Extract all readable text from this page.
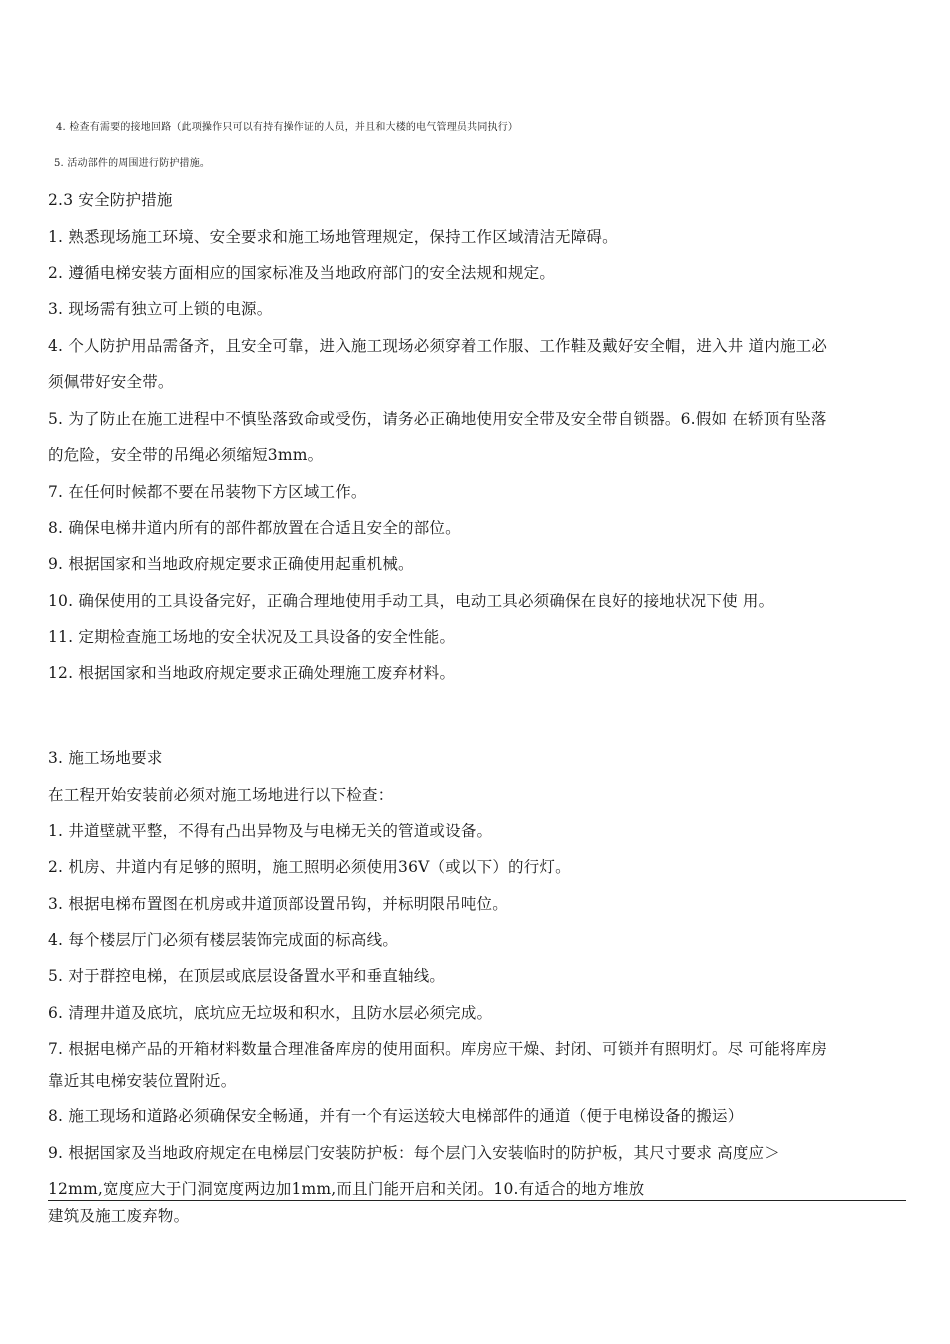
4. 检查有需要的接地回路（此项操作只可以有持有操作证的人员，并且和大楼的电气管理员共同执行）
5. 活动部件的周围进行防护措施。
2.3 安全防护措施
1. 熟悉现场施工环境、安全要求和施工场地管理规定，保持工作区域清洁无障碍。
2. 遵循电梯安装方面相应的国家标准及当地政府部门的安全法规和规定。
3. 现场需有独立可上锁的电源。
4. 个人防护用品需备齐，且安全可靠，进入施工现场必须穿着工作服、工作鞋及戴好安全帽，进入井 道内施工必
须佩带好安全带。
5. 为了防止在施工进程中不慎坠落致命或受伤，请务必正确地使用安全带及安全带自锁器。6.假如 在轿顶有坠落
的危险，安全带的吊绳必须缩短3mm。
7. 在任何时候都不要在吊装物下方区域工作。
8. 确保电梯井道内所有的部件都放置在合适且安全的部位。
9. 根据国家和当地政府规定要求正确使用起重机械。
10. 确保使用的工具设备完好，正确合理地使用手动工具，电动工具必须确保在良好的接地状况下使 用。
11. 定期检查施工场地的安全状况及工具设备的安全性能。
12. 根据国家和当地政府规定要求正确处理施工废弃材料。
3. 施工场地要求
在工程开始安装前必须对施工场地进行以下检查：
1. 井道壁就平整，不得有凸出异物及与电梯无关的管道或设备。
2. 机房、井道内有足够的照明，施工照明必须使用36V（或以下）的行灯。
3. 根据电梯布置图在机房或井道顶部设置吊钩，并标明限吊吨位。
4. 每个楼层厅门必须有楼层装饰完成面的标高线。
5. 对于群控电梯，在顶层或底层设备置水平和垂直轴线。
6. 清理井道及底坑，底坑应无垃圾和积水，且防水层必须完成。
7. 根据电梯产品的开箱材料数量合理准备库房的使用面积。库房应干燥、封闭、可锁并有照明灯。尽 可能将库房
靠近其电梯安装位置附近。
8. 施工现场和道路必须确保安全畅通，并有一个有运送较大电梯部件的通道（便于电梯设备的搬运）
9. 根据国家及当地政府规定在电梯层门安装防护板：每个层门入安装临时的防护板，其尺寸要求 高度应＞
12mm,宽度应大于门洞宽度两边加1mm,而且门能开启和关闭。10.有适合的地方堆放
建筑及施工废弃物。
